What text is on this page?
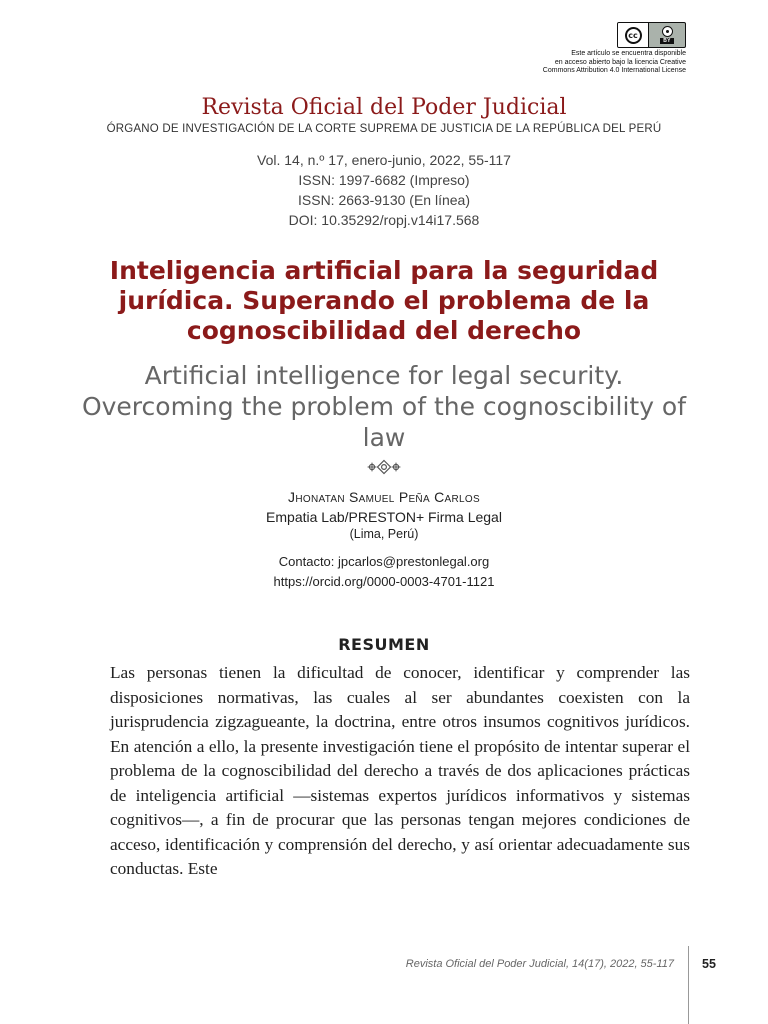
cc
BY
Este artículo se encuentra disponible
en acceso abierto bajo la licencia Creative
Commons Attribution 4.0 International License
Revista Oficial del Poder Judicial
ÓRGANO DE INVESTIGACIÓN DE LA CORTE SUPREMA DE JUSTICIA DE LA REPÚBLICA DEL PERÚ
Vol. 14, n.º 17, enero-junio, 2022, 55-117
ISSN: 1997-6682 (Impreso)
ISSN: 2663-9130 (En línea)
DOI: 10.35292/ropj.v14i17.568
Inteligencia artificial para la seguridad jurídica. Superando el problema de la cognoscibilidad del derecho
Artificial intelligence for legal security. Overcoming the problem of the cognoscibility of law
Jhonatan Samuel Peña Carlos
Empatia Lab/PRESTON+ Firma Legal
(Lima, Perú)
Contacto: jpcarlos@prestonlegal.org
https://orcid.org/0000-0003-4701-1121
RESUMEN
Las personas tienen la dificultad de conocer, identificar y comprender las disposiciones normativas, las cuales al ser abundantes coexisten con la jurisprudencia zigzagueante, la doctrina, entre otros insumos cognitivos jurídicos. En atención a ello, la presente investigación tiene el propósito de intentar superar el problema de la cognoscibilidad del derecho a través de dos aplicaciones prácticas de inteligencia artificial —sistemas expertos jurídicos informativos y sistemas cognitivos—, a fin de procurar que las personas tengan mejores condiciones de acceso, identificación y comprensión del derecho, y así orientar adecuadamente sus conductas. Este
Revista Oficial del Poder Judicial, 14(17), 2022, 55-117 55
